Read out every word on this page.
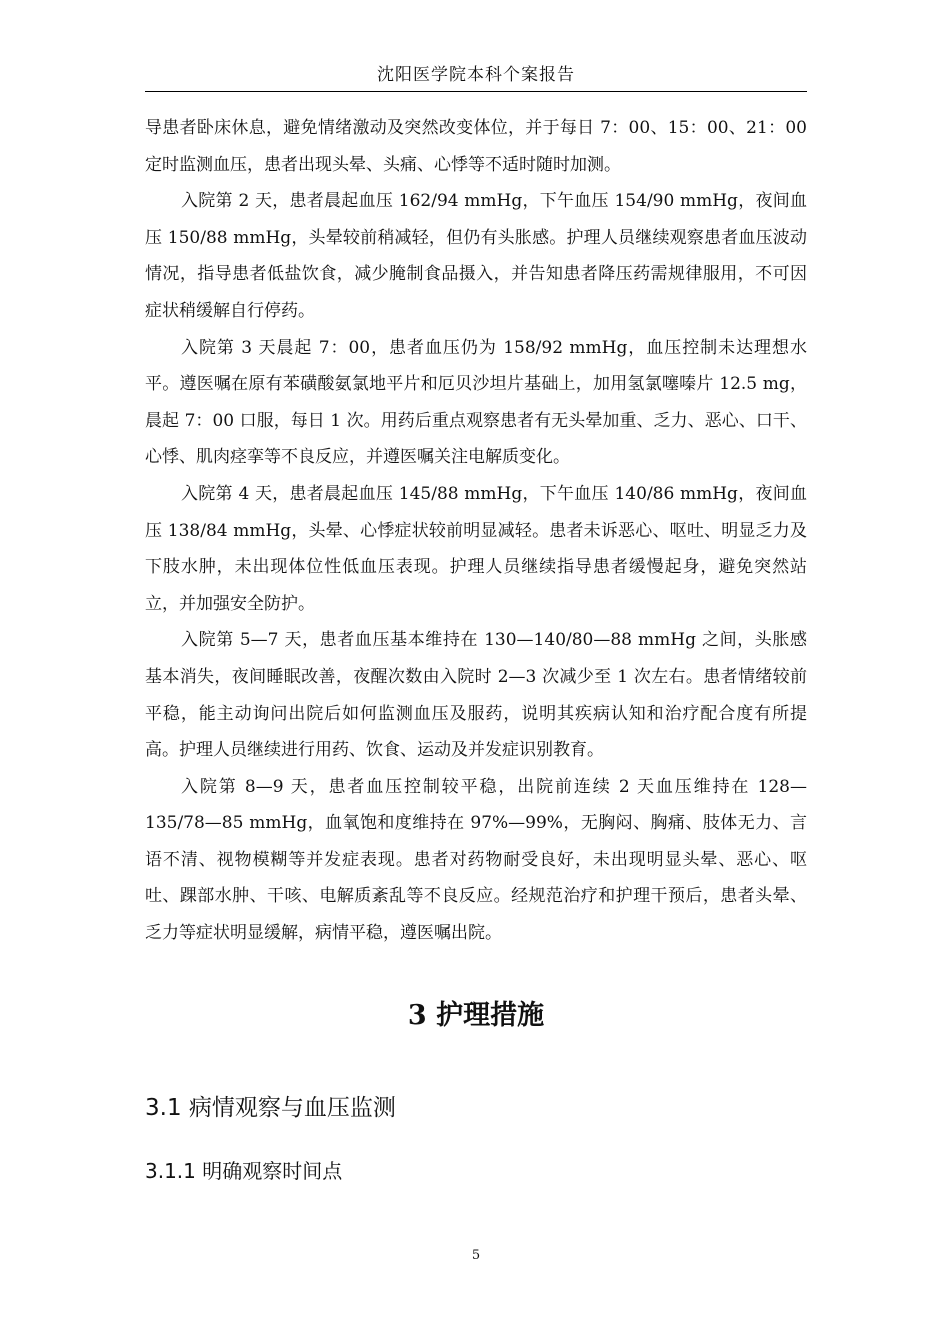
沈阳医学院本科个案报告

导患者卧床休息，避免情绪激动及突然改变体位，并于每日 7：00、15：00、21：00 定时监测血压，患者出现头晕、头痛、心悸等不适时随时加测。

入院第 2 天，患者晨起血压 162/94 mmHg，下午血压 154/90 mmHg，夜间血压 150/88 mmHg，头晕较前稍减轻，但仍有头胀感。护理人员继续观察患者血压波动情况，指导患者低盐饮食，减少腌制食品摄入，并告知患者降压药需规律服用，不可因症状稍缓解自行停药。

入院第 3 天晨起 7：00，患者血压仍为 158/92 mmHg，血压控制未达理想水平。遵医嘱在原有苯磺酸氨氯地平片和厄贝沙坦片基础上，加用氢氯噻嗪片 12.5 mg，晨起 7：00 口服，每日 1 次。用药后重点观察患者有无头晕加重、乏力、恶心、口干、心悸、肌肉痉挛等不良反应，并遵医嘱关注电解质变化。

入院第 4 天，患者晨起血压 145/88 mmHg，下午血压 140/86 mmHg，夜间血压 138/84 mmHg，头晕、心悸症状较前明显减轻。患者未诉恶心、呕吐、明显乏力及下肢水肿，未出现体位性低血压表现。护理人员继续指导患者缓慢起身，避免突然站立，并加强安全防护。

入院第 5—7 天，患者血压基本维持在 130—140/80—88 mmHg 之间，头胀感基本消失，夜间睡眠改善，夜醒次数由入院时 2—3 次减少至 1 次左右。患者情绪较前平稳，能主动询问出院后如何监测血压及服药，说明其疾病认知和治疗配合度有所提高。护理人员继续进行用药、饮食、运动及并发症识别教育。

入院第 8—9 天，患者血压控制较平稳，出院前连续 2 天血压维持在 128—135/78—85 mmHg，血氧饱和度维持在 97%—99%，无胸闷、胸痛、肢体无力、言语不清、视物模糊等并发症表现。患者对药物耐受良好，未出现明显头晕、恶心、呕吐、踝部水肿、干咳、电解质紊乱等不良反应。经规范治疗和护理干预后，患者头晕、乏力等症状明显缓解，病情平稳，遵医嘱出院。

3 护理措施
3.1 病情观察与血压监测
3.1.1 明确观察时间点
5
